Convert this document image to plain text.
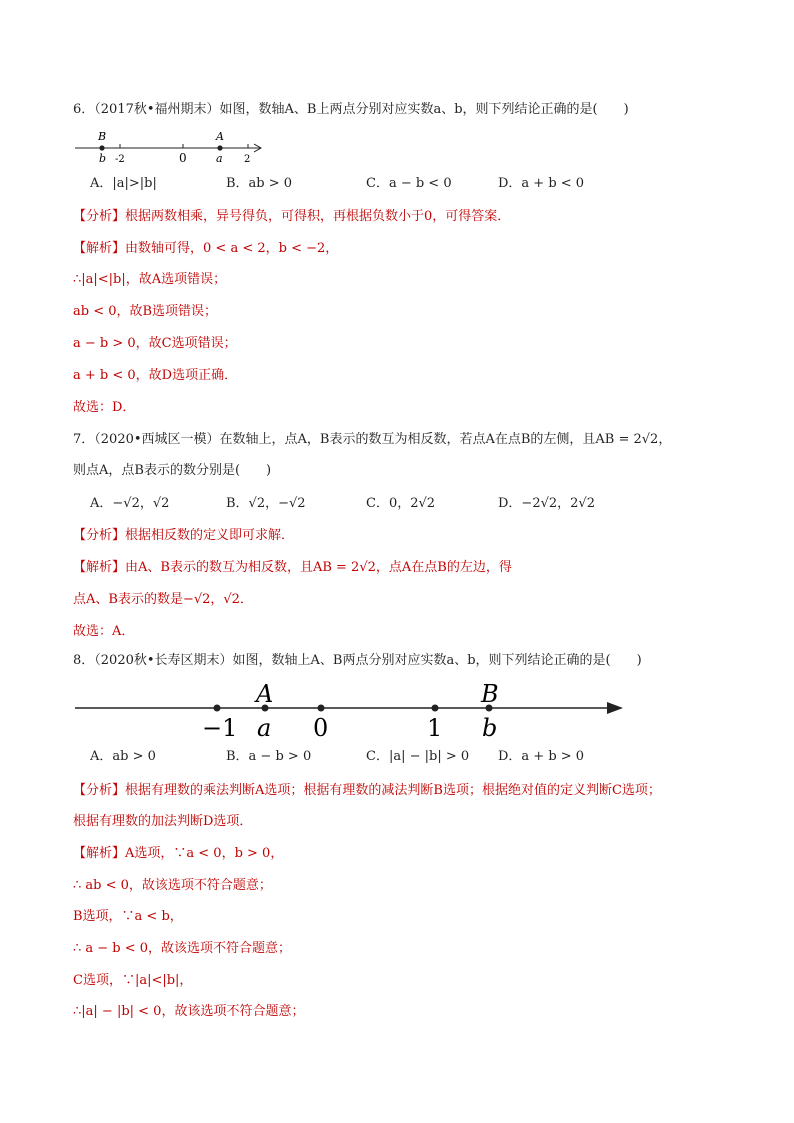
6．（2017秋•福州期末）如图，数轴A、B上两点分别对应实数a、b，则下列结论正确的是(　　)
B	A
b -2	0	a 2
A．|a|>|b|	B．ab > 0	C．a − b < 0	D．a + b < 0
【分析】根据两数相乘，异号得负，可得积，再根据负数小于0，可得答案．
【解析】由数轴可得，0 < a < 2，b < −2，
∴|a|<|b|，故A选项错误；
ab < 0，故B选项错误；
a − b > 0，故C选项错误；
a + b < 0，故D选项正确．
故选：D．
7．（2020•西城区一模）在数轴上，点A，B表示的数互为相反数，若点A在点B的左侧，且AB = 2√2，
则点A，点B表示的数分别是(　　)
A．−√2，√2	B．√2，−√2	C．0，2√2	D．−2√2，2√2
【分析】根据相反数的定义即可求解．
【解析】由A、B表示的数互为相反数，且AB = 2√2，点A在点B的左边，得
点A、B表示的数是−√2，√2．
故选：A．
8．（2020秋•长寿区期末）如图，数轴上A、B两点分别对应实数a、b，则下列结论正确的是(　　)
A	B
−1 a 0	1 b
A．ab > 0	B．a − b > 0	C．|a| − |b| > 0 D．a + b > 0
【分析】根据有理数的乘法判断A选项；根据有理数的减法判断B选项；根据绝对值的定义判断C选项；
根据有理数的加法判断D选项．
【解析】A选项，∵a < 0，b > 0，
∴ ab < 0，故该选项不符合题意；
B选项，∵a < b，
∴ a − b < 0，故该选项不符合题意；
C选项，∵|a|<|b|，
∴|a| − |b| < 0，故该选项不符合题意；
